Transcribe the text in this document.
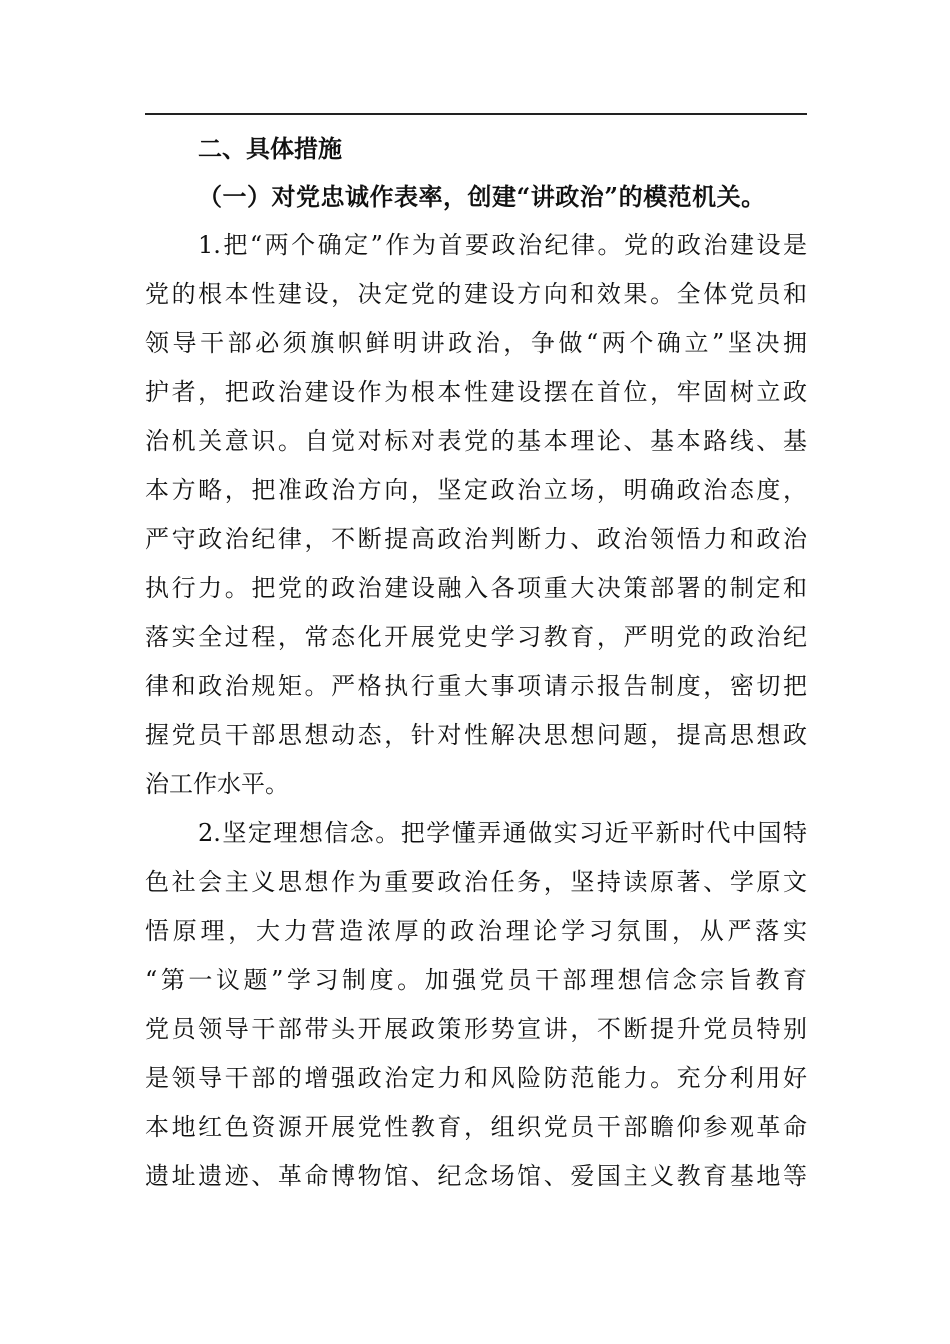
二、具体措施
（一）对党忠诚作表率，创建“讲政治”的模范机关。
1.把“两个确定”作为首要政治纪律。党的政治建设是
党的根本性建设，决定党的建设方向和效果。全体党员和
领导干部必须旗帜鲜明讲政治，争做“两个确立”坚决拥
护者，把政治建设作为根本性建设摆在首位，牢固树立政
治机关意识。自觉对标对表党的基本理论、基本路线、基
本方略，把准政治方向，坚定政治立场，明确政治态度，
严守政治纪律，不断提高政治判断力、政治领悟力和政治
执行力。把党的政治建设融入各项重大决策部署的制定和
落实全过程，常态化开展党史学习教育，严明党的政治纪
律和政治规矩。严格执行重大事项请示报告制度，密切把
握党员干部思想动态，针对性解决思想问题，提高思想政
治工作水平。
2.坚定理想信念。把学懂弄通做实习近平新时代中国特
色社会主义思想作为重要政治任务，坚持读原著、学原文
悟原理，大力营造浓厚的政治理论学习氛围，从严落实
“第一议题”学习制度。加强党员干部理想信念宗旨教育
党员领导干部带头开展政策形势宣讲，不断提升党员特别
是领导干部的增强政治定力和风险防范能力。充分利用好
本地红色资源开展党性教育，组织党员干部瞻仰参观革命
遗址遗迹、革命博物馆、纪念场馆、爱国主义教育基地等
